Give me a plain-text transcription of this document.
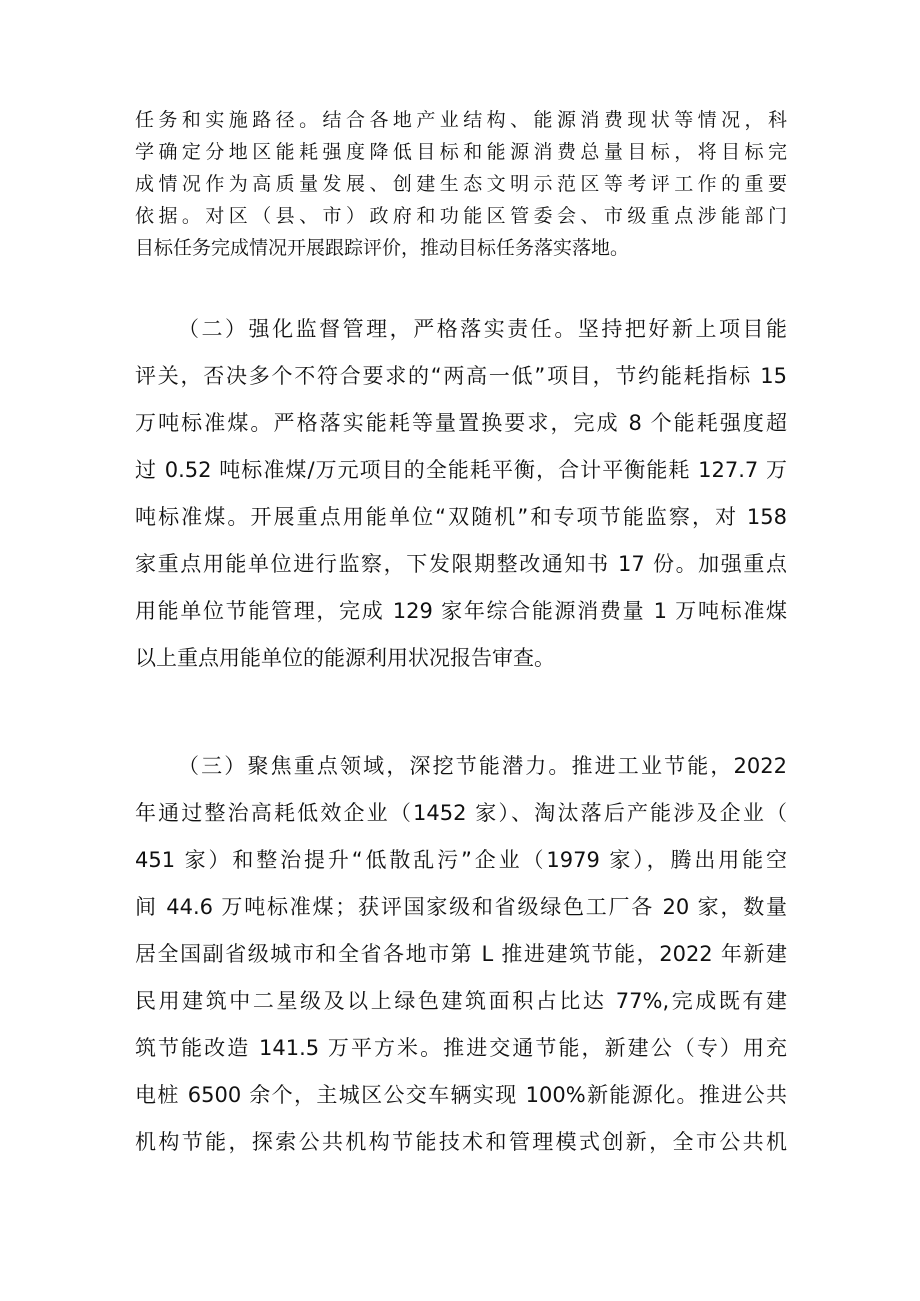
任务和实施路径。结合各地产业结构、能源消费现状等情况，科
学确定分地区能耗强度降低目标和能源消费总量目标，将目标完
成情况作为高质量发展、创建生态文明示范区等考评工作的重要
依据。对区（县、市）政府和功能区管委会、市级重点涉能部门
目标任务完成情况开展跟踪评价，推动目标任务落实落地。
（二）强化监督管理，严格落实责任。坚持把好新上项目能
评关，否决多个不符合要求的“两高一低”项目，节约能耗指标 15
万吨标准煤。严格落实能耗等量置换要求，完成 8 个能耗强度超
过 0.52 吨标准煤/万元项目的全能耗平衡，合计平衡能耗 127.7 万
吨标准煤。开展重点用能单位“双随机”和专项节能监察，对 158
家重点用能单位进行监察，下发限期整改通知书 17 份。加强重点
用能单位节能管理，完成 129 家年综合能源消费量 1 万吨标准煤
以上重点用能单位的能源利用状况报告审查。
（三）聚焦重点领域，深挖节能潜力。推进工业节能，2022
年通过整治高耗低效企业（1452 家）、淘汰落后产能涉及企业（
451 家）和整治提升“低散乱污”企业（1979 家），腾出用能空
间 44.6 万吨标准煤；获评国家级和省级绿色工厂各 20 家，数量
居全国副省级城市和全省各地市第 L 推进建筑节能，2022 年新建
民用建筑中二星级及以上绿色建筑面积占比达 77%,完成既有建
筑节能改造 141.5 万平方米。推进交通节能，新建公（专）用充
电桩 6500 余个，主城区公交车辆实现 100%新能源化。推进公共
机构节能，探索公共机构节能技术和管理模式创新，全市公共机
